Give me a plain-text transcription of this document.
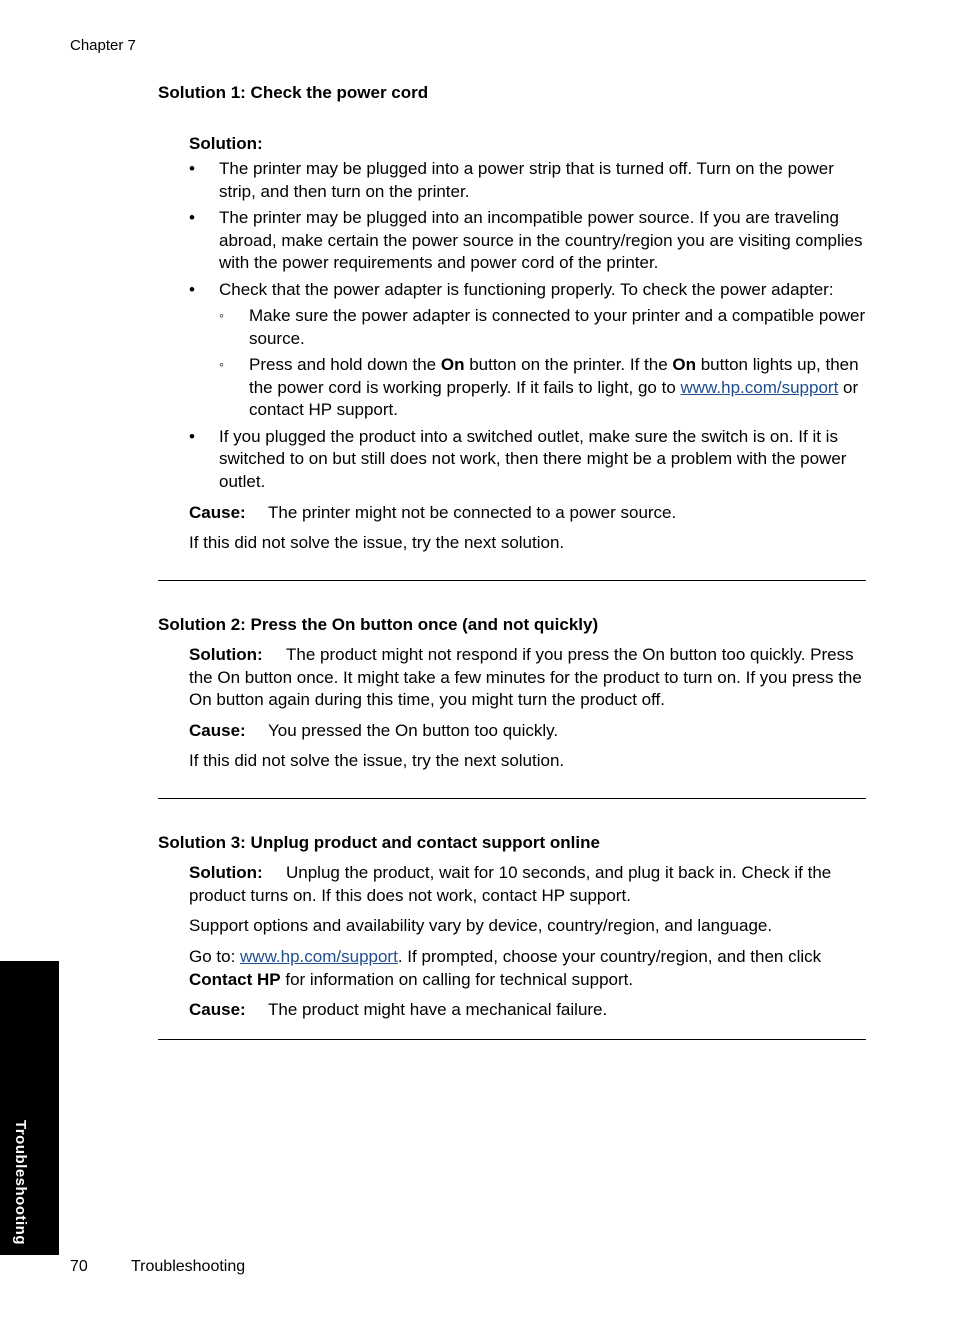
Chapter 7
Solution 1: Check the power cord
Solution:
• The printer may be plugged into a power strip that is turned off. Turn on the power strip, and then turn on the printer.
• The printer may be plugged into an incompatible power source. If you are traveling abroad, make certain the power source in the country/region you are visiting complies with the power requirements and power cord of the printer.
• Check that the power adapter is functioning properly. To check the power adapter:
◦ Make sure the power adapter is connected to your printer and a compatible power source.
◦ Press and hold down the On button on the printer. If the On button lights up, then the power cord is working properly. If it fails to light, go to www.hp.com/support or contact HP support.
• If you plugged the product into a switched outlet, make sure the switch is on. If it is switched to on but still does not work, then there might be a problem with the power outlet.
Cause: The printer might not be connected to a power source.
If this did not solve the issue, try the next solution.
Solution 2: Press the On button once (and not quickly)
Solution: The product might not respond if you press the On button too quickly. Press the On button once. It might take a few minutes for the product to turn on. If you press the On button again during this time, you might turn the product off.
Cause: You pressed the On button too quickly.
If this did not solve the issue, try the next solution.
Solution 3: Unplug product and contact support online
Solution: Unplug the product, wait for 10 seconds, and plug it back in. Check if the product turns on. If this does not work, contact HP support.
Support options and availability vary by device, country/region, and language.
Go to: www.hp.com/support. If prompted, choose your country/region, and then click Contact HP for information on calling for technical support.
Cause: The product might have a mechanical failure.
Troubleshooting
70	Troubleshooting
